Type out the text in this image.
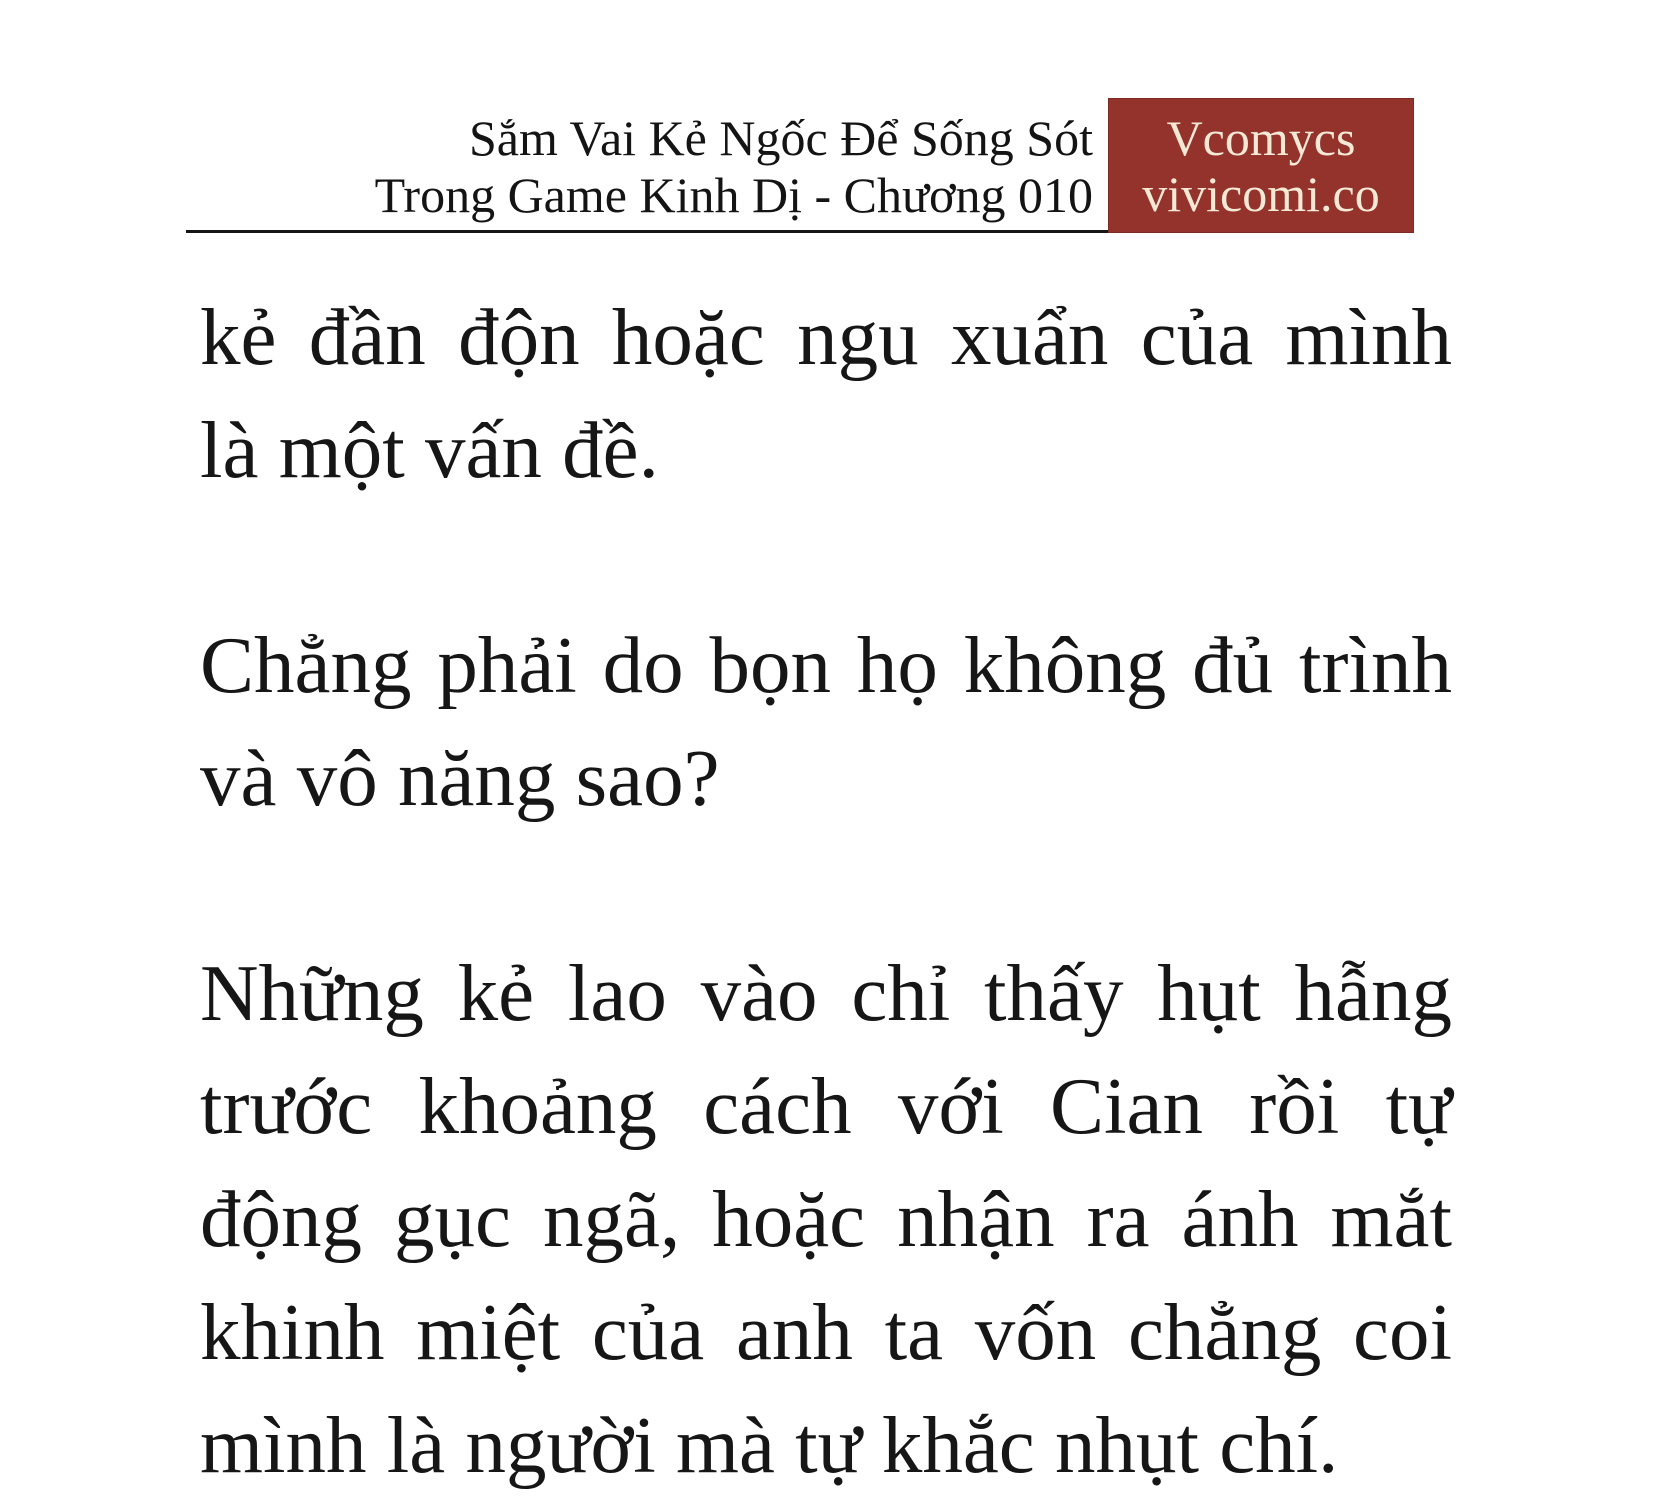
Sắm Vai Kẻ Ngốc Để Sống Sót
Trong Game Kinh Dị - Chương 010
Vcomycs
vivicomi.co
kẻ đần độn hoặc ngu xuẩn của mình
là một vấn đề.
Chẳng phải do bọn họ không đủ trình
và vô năng sao?
Những kẻ lao vào chỉ thấy hụt hẫng
trước khoảng cách với Cian rồi tự
động gục ngã, hoặc nhận ra ánh mắt
khinh miệt của anh ta vốn chẳng coi
mình là người mà tự khắc nhụt chí.
